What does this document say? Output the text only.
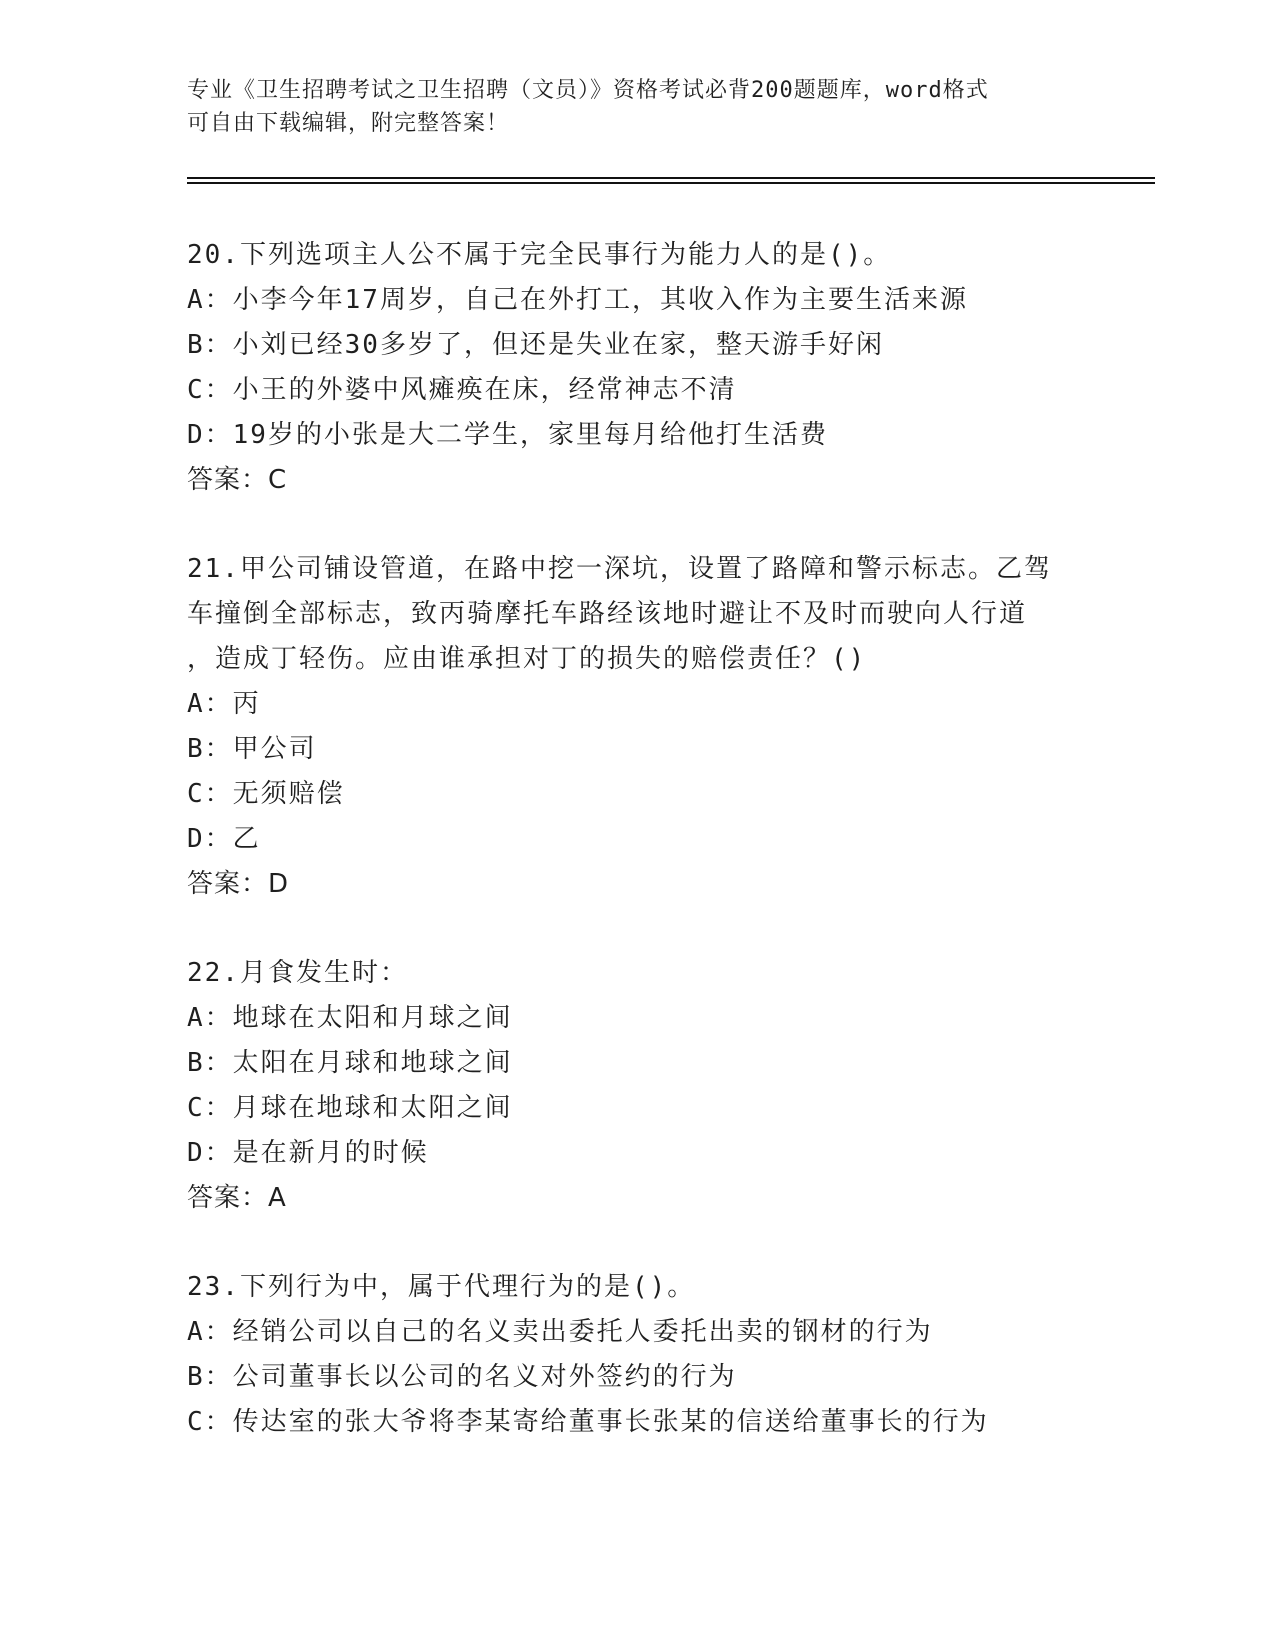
专业《卫生招聘考试之卫生招聘（文员）》资格考试必背200题题库，word格式
可自由下载编辑，附完整答案！
20.下列选项主人公不属于完全民事行为能力人的是()。
A：小李今年17周岁，自己在外打工，其收入作为主要生活来源
B：小刘已经30多岁了，但还是失业在家，整天游手好闲
C：小王的外婆中风瘫痪在床，经常神志不清
D：19岁的小张是大二学生，家里每月给他打生活费
答案：C
21.甲公司铺设管道，在路中挖一深坑，设置了路障和警示标志。乙驾
车撞倒全部标志，致丙骑摩托车路经该地时避让不及时而驶向人行道
，造成丁轻伤。应由谁承担对丁的损失的赔偿责任？()
A：丙
B：甲公司
C：无须赔偿
D：乙
答案：D
22.月食发生时：
A：地球在太阳和月球之间
B：太阳在月球和地球之间
C：月球在地球和太阳之间
D：是在新月的时候
答案：A
23.下列行为中，属于代理行为的是()。
A：经销公司以自己的名义卖出委托人委托出卖的钢材的行为
B：公司董事长以公司的名义对外签约的行为
C：传达室的张大爷将李某寄给董事长张某的信送给董事长的行为
